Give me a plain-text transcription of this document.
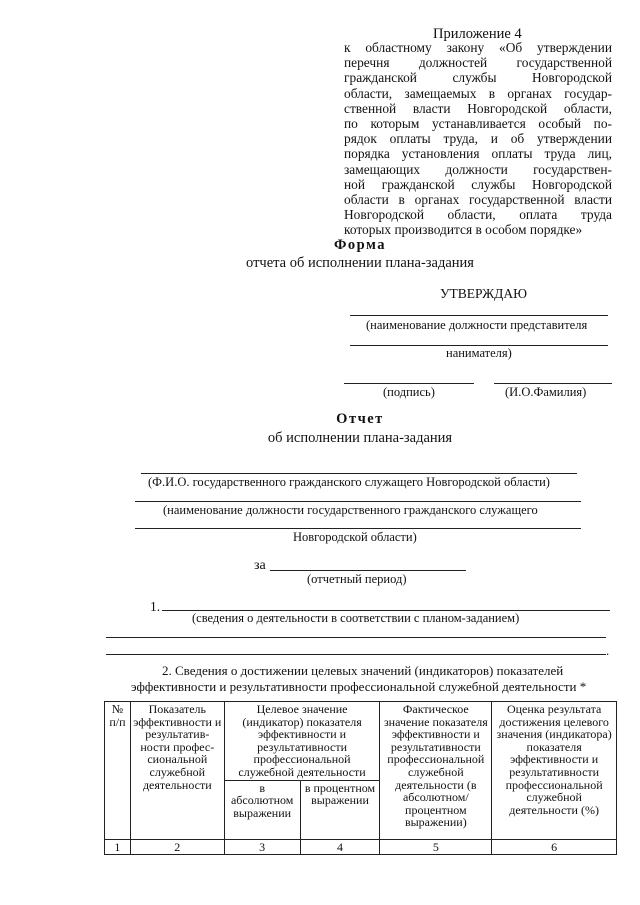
Приложение 4
к областному закону «Об утверждении
перечня должностей государственной
гражданской службы Новгородской
области, замещаемых в органах государ-
ственной власти Новгородской области,
по которым устанавливается особый по-
рядок оплаты труда, и об утверждении
порядка установления оплаты труда лиц,
замещающих должности государствен-
ной гражданской службы Новгородской
области в органах государственной власти
Новгородской области, оплата труда
которых производится в особом порядке»
Форма
отчета об исполнении плана-задания
УТВЕРЖДАЮ
(наименование должности представителя
нанимателя)
(подпись)	(И.О.Фамилия)
Отчет
об исполнении плана-задания
(Ф.И.О. государственного гражданского служащего Новгородской области)
(наименование должности государственного гражданского служащего
Новгородской области)
за
(отчетный период)
1.
(сведения о деятельности в соответствии с планом-заданием)
.
2. Сведения о достижении целевых значений (индикаторов) показателей
эффективности и результативности профессиональной служебной деятельности *
№ п/п	Показатель эффективности и результатив-ности профес-сиональной служебной деятельности	Целевое значение (индикатор) показателя эффективности и результативности профессиональной служебной деятельности		Фактическое значение показателя эффективности и результативности профессиональной служебной деятельности (в абсолютном/ процентном выражении)	Оценка результата достижения целевого значения (индикатора) показателя эффективности и результативности профессиональной служебной деятельности (%)
		в абсолютном выражении	в процентном выражении		
1	2	3	4	5	6
